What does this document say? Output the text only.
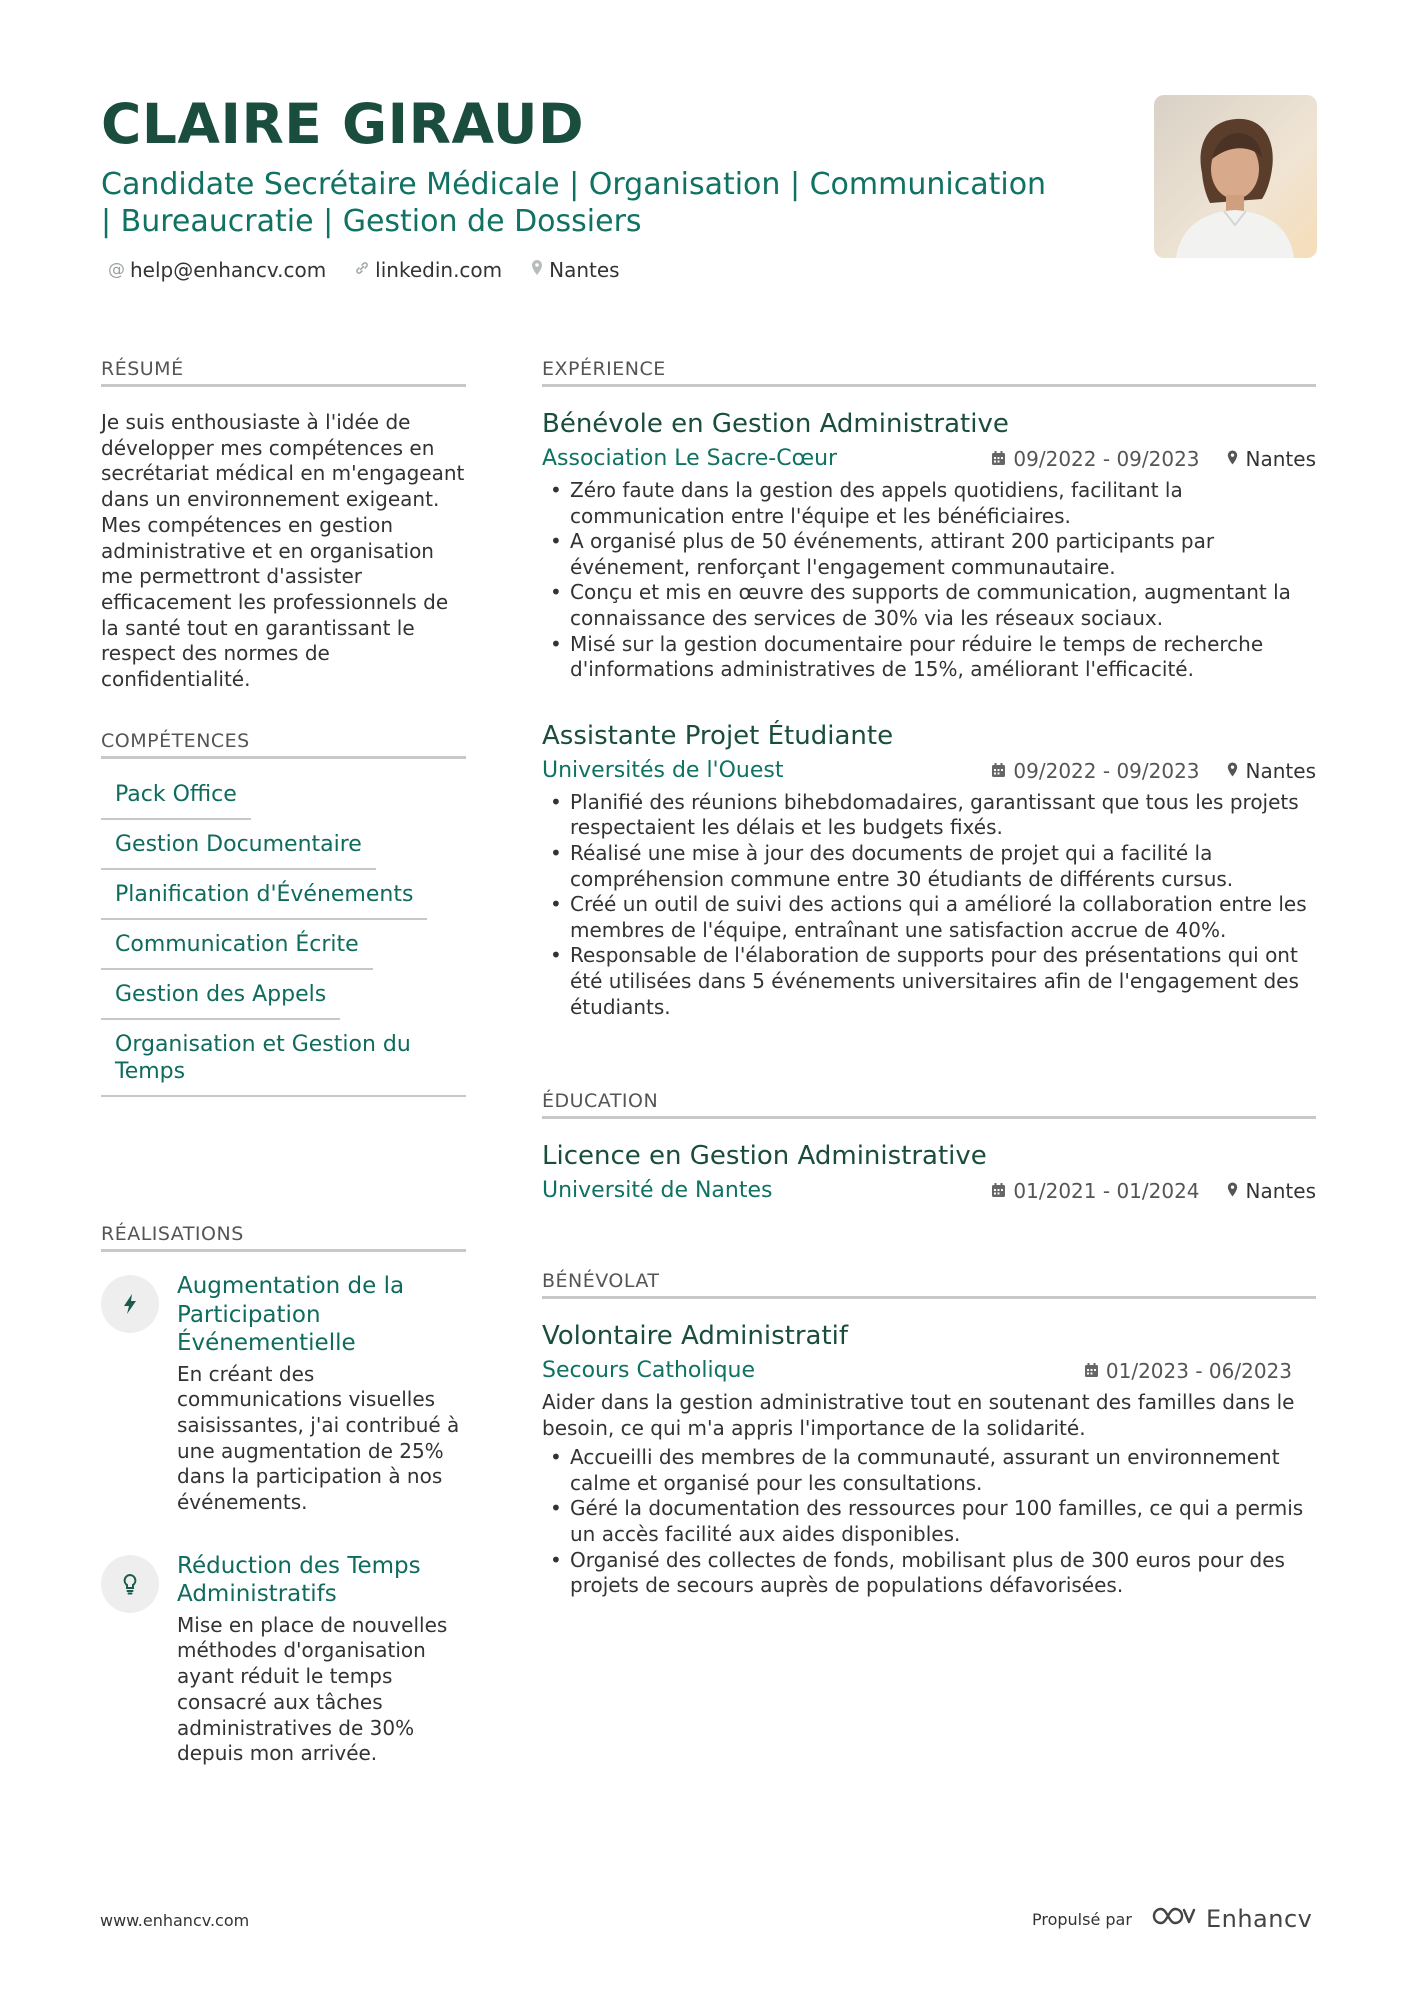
CLAIRE GIRAUD
Candidate Secrétaire Médicale | Organisation | Communication | Bureaucratie | Gestion de Dossiers
@ help@enhancv.com linkedin.com Nantes
RÉSUMÉ
Je suis enthousiaste à l'idée de développer mes compétences en secrétariat médical en m'engageant dans un environnement exigeant. Mes compétences en gestion administrative et en organisation me permettront d'assister efficacement les professionnels de la santé tout en garantissant le respect des normes de confidentialité.
COMPÉTENCES
Pack Office
Gestion Documentaire
Planification d'Événements
Communication Écrite
Gestion des Appels
Organisation et Gestion du Temps
RÉALISATIONS
Augmentation de la Participation Événementielle
En créant des communications visuelles saisissantes, j'ai contribué à une augmentation de 25% dans la participation à nos événements.
Réduction des Temps Administratifs
Mise en place de nouvelles méthodes d'organisation ayant réduit le temps consacré aux tâches administratives de 30% depuis mon arrivée.
EXPÉRIENCE
Bénévole en Gestion Administrative
Association Le Sacre-Cœur	09/2022 - 09/2023 Nantes
• Zéro faute dans la gestion des appels quotidiens, facilitant la communication entre l'équipe et les bénéficiaires.
• A organisé plus de 50 événements, attirant 200 participants par événement, renforçant l'engagement communautaire.
• Conçu et mis en œuvre des supports de communication, augmentant la connaissance des services de 30% via les réseaux sociaux.
• Misé sur la gestion documentaire pour réduire le temps de recherche d'informations administratives de 15%, améliorant l'efficacité.
Assistante Projet Étudiante
Universités de l'Ouest	09/2022 - 09/2023 Nantes
• Planifié des réunions bihebdomadaires, garantissant que tous les projets respectaient les délais et les budgets fixés.
• Réalisé une mise à jour des documents de projet qui a facilité la compréhension commune entre 30 étudiants de différents cursus.
• Créé un outil de suivi des actions qui a amélioré la collaboration entre les membres de l'équipe, entraînant une satisfaction accrue de 40%.
• Responsable de l'élaboration de supports pour des présentations qui ont été utilisées dans 5 événements universitaires afin de l'engagement des étudiants.
ÉDUCATION
Licence en Gestion Administrative
Université de Nantes	01/2021 - 01/2024 Nantes
BÉNÉVOLAT
Volontaire Administratif
Secours Catholique	01/2023 - 06/2023
Aider dans la gestion administrative tout en soutenant des familles dans le besoin, ce qui m'a appris l'importance de la solidarité.
• Accueilli des membres de la communauté, assurant un environnement calme et organisé pour les consultations.
• Géré la documentation des ressources pour 100 familles, ce qui a permis un accès facilité aux aides disponibles.
• Organisé des collectes de fonds, mobilisant plus de 300 euros pour des projets de secours auprès de populations défavorisées.
www.enhancv.com	Propulsé par	Enhancv
